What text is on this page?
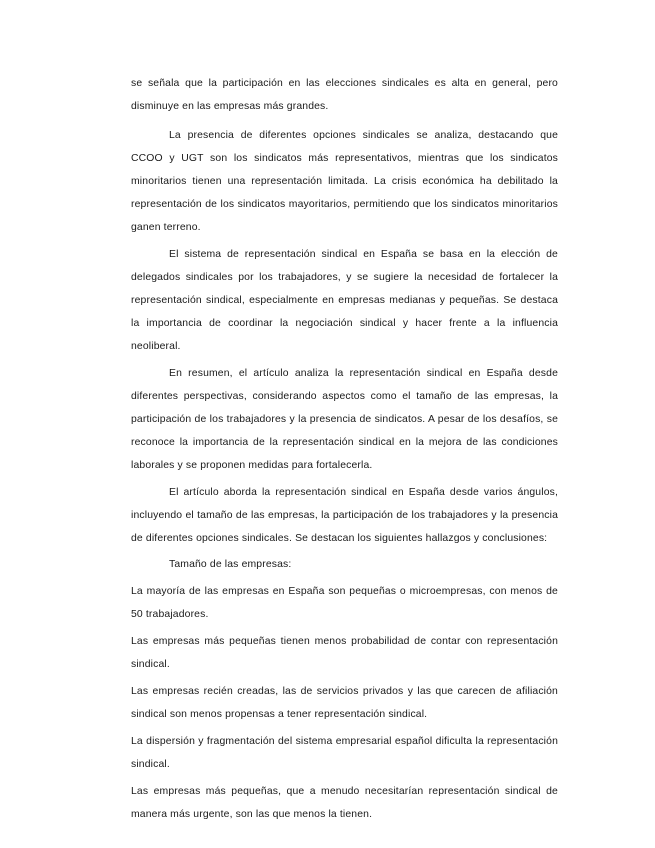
se señala que la participación en las elecciones sindicales es alta en general, pero disminuye en las empresas más grandes.

La presencia de diferentes opciones sindicales se analiza, destacando que CCOO y UGT son los sindicatos más representativos, mientras que los sindicatos minoritarios tienen una representación limitada. La crisis económica ha debilitado la representación de los sindicatos mayoritarios, permitiendo que los sindicatos minoritarios ganen terreno.

El sistema de representación sindical en España se basa en la elección de delegados sindicales por los trabajadores, y se sugiere la necesidad de fortalecer la representación sindical, especialmente en empresas medianas y pequeñas. Se destaca la importancia de coordinar la negociación sindical y hacer frente a la influencia neoliberal.

En resumen, el artículo analiza la representación sindical en España desde diferentes perspectivas, considerando aspectos como el tamaño de las empresas, la participación de los trabajadores y la presencia de sindicatos. A pesar de los desafíos, se reconoce la importancia de la representación sindical en la mejora de las condiciones laborales y se proponen medidas para fortalecerla.

El artículo aborda la representación sindical en España desde varios ángulos, incluyendo el tamaño de las empresas, la participación de los trabajadores y la presencia de diferentes opciones sindicales. Se destacan los siguientes hallazgos y conclusiones:

Tamaño de las empresas:

La mayoría de las empresas en España son pequeñas o microempresas, con menos de 50 trabajadores.

Las empresas más pequeñas tienen menos probabilidad de contar con representación sindical.

Las empresas recién creadas, las de servicios privados y las que carecen de afiliación sindical son menos propensas a tener representación sindical.

La dispersión y fragmentación del sistema empresarial español dificulta la representación sindical.

Las empresas más pequeñas, que a menudo necesitarían representación sindical de manera más urgente, son las que menos la tienen.
